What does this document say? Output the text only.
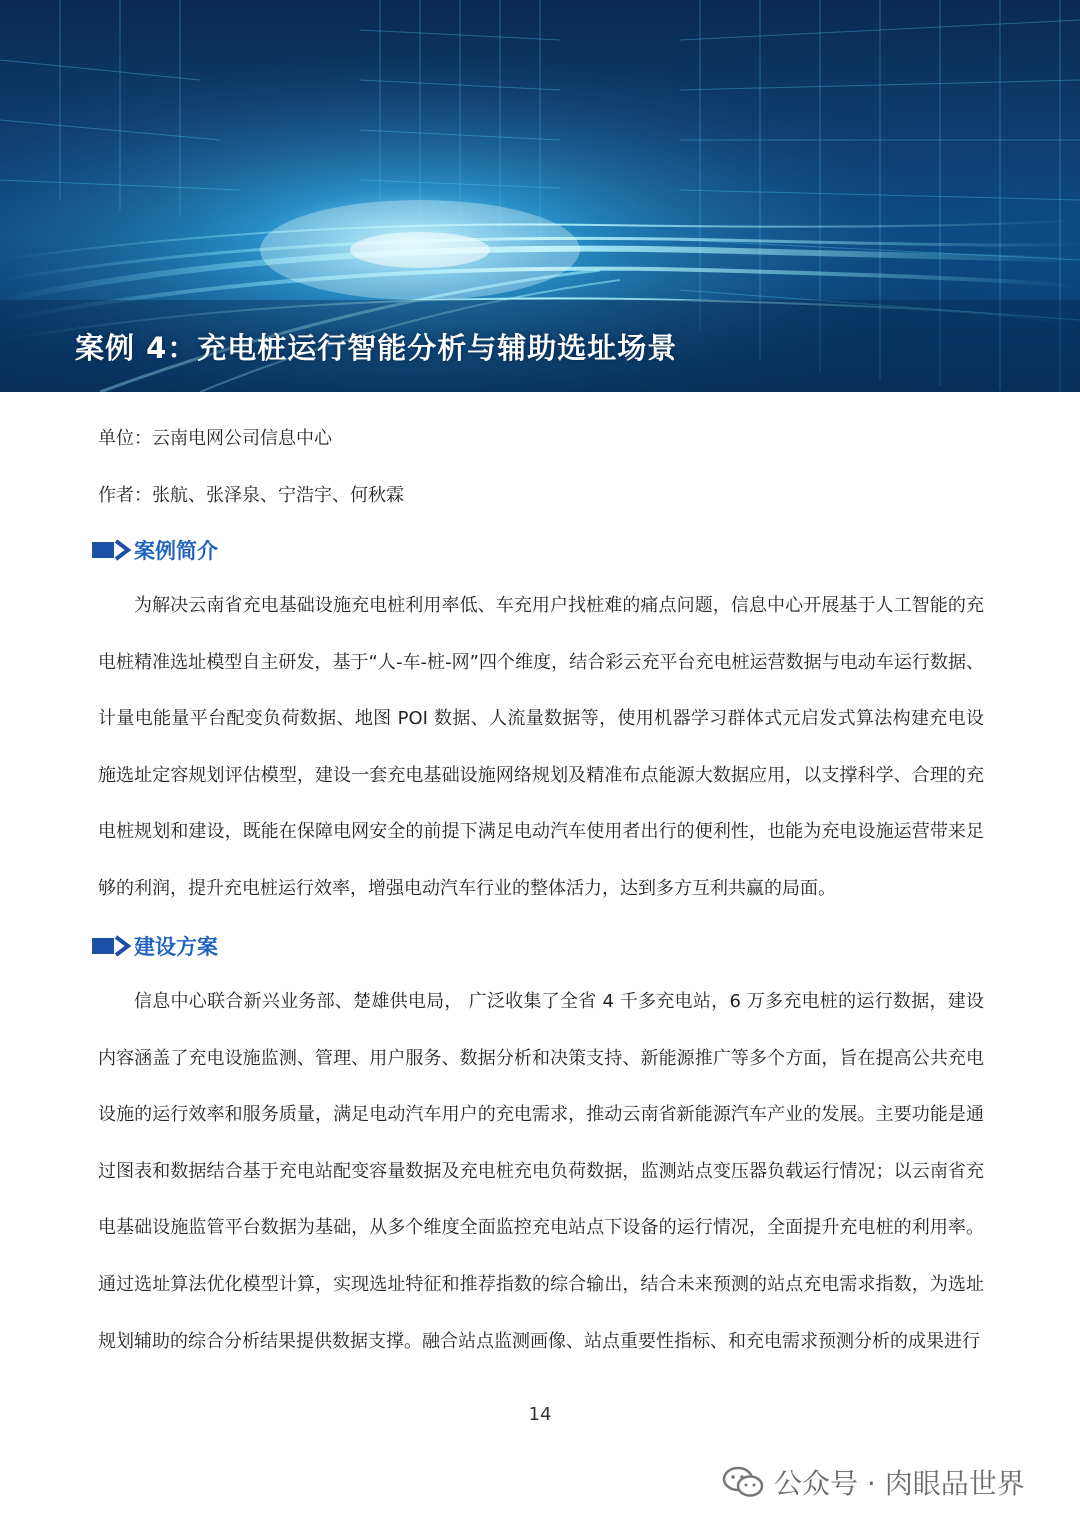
案例 4：充电桩运行智能分析与辅助选址场景
单位：云南电网公司信息中心
作者：张航、张泽泉、宁浩宇、何秋霖
案例简介

为解决云南省充电基础设施充电桩利用率低、车充用户找桩难的痛点问题，信息中心开展基于人工智能的充电桩精准选址模型自主研发，基于“人-车-桩-网”四个维度，结合彩云充平台充电桩运营数据与电动车运行数据、计量电能量平台配变负荷数据、地图 POI 数据、人流量数据等，使用机器学习群体式元启发式算法构建充电设施选址定容规划评估模型，建设一套充电基础设施网络规划及精准布点能源大数据应用，以支撑科学、合理的充电桩规划和建设，既能在保障电网安全的前提下满足电动汽车使用者出行的便利性，也能为充电设施运营带来足够的利润，提升充电桩运行效率，增强电动汽车行业的整体活力，达到多方互利共赢的局面。

建设方案

信息中心联合新兴业务部、楚雄供电局， 广泛收集了全省 4 千多充电站，6 万多充电桩的运行数据，建设内容涵盖了充电设施监测、管理、用户服务、数据分析和决策支持、新能源推广等多个方面，旨在提高公共充电设施的运行效率和服务质量，满足电动汽车用户的充电需求，推动云南省新能源汽车产业的发展。主要功能是通过图表和数据结合基于充电站配变容量数据及充电桩充电负荷数据，监测站点变压器负载运行情况；以云南省充电基础设施监管平台数据为基础，从多个维度全面监控充电站点下设备的运行情况，全面提升充电桩的利用率。通过选址算法优化模型计算，实现选址特征和推荐指数的综合输出，结合未来预测的站点充电需求指数，为选址规划辅助的综合分析结果提供数据支撑。融合站点监测画像、站点重要性指标、和充电需求预测分析的成果进行

14
公众号 · 肉眼品世界
